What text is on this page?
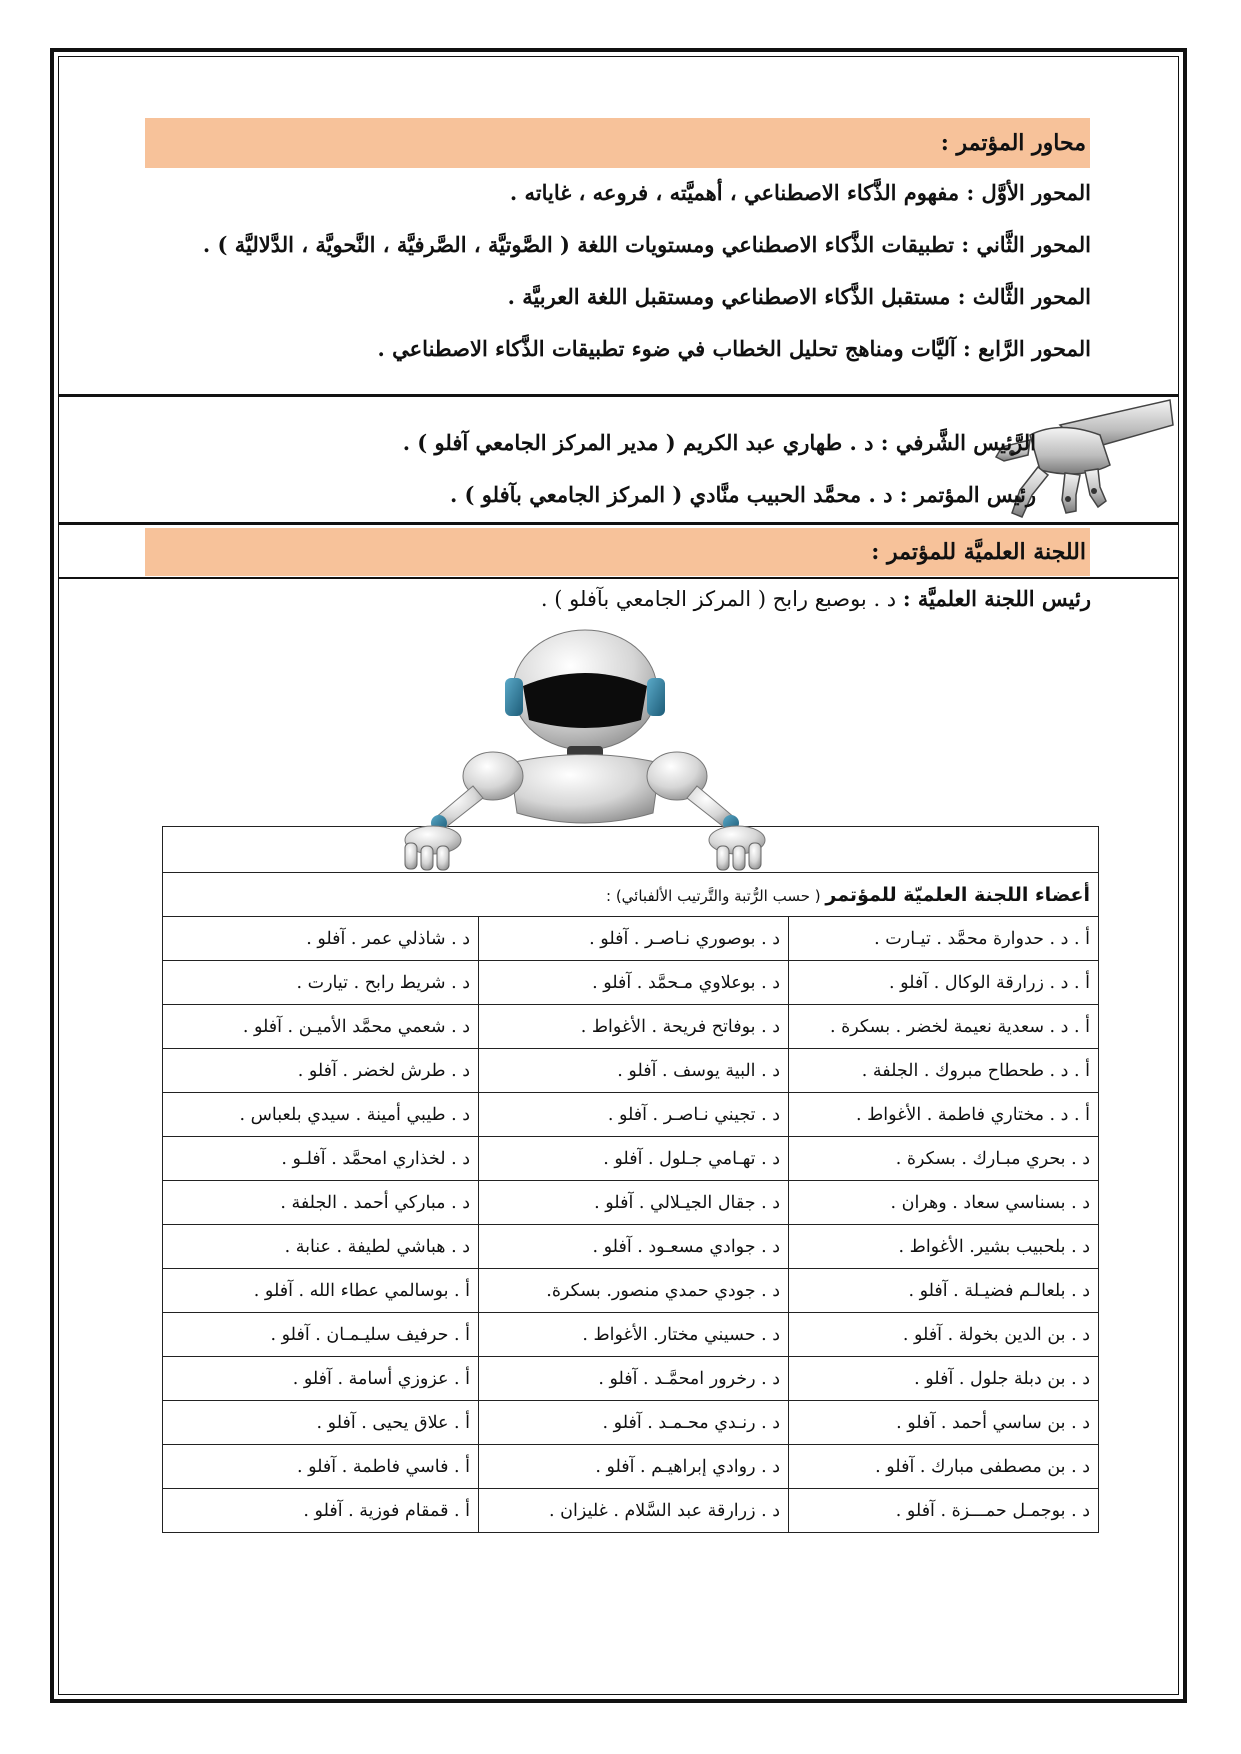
محاور المؤتمر :
المحور الأوَّل : مفهوم الذَّكاء الاصطناعي ، أهميَّته ، فروعه ، غاياته .
المحور الثَّاني : تطبيقات الذَّكاء الاصطناعي ومستويات اللغة ( الصَّوتيَّة ، الصَّرفيَّة ، النَّحويَّة ، الدَّلاليَّة ) .
المحور الثَّالث : مستقبل الذَّكاء الاصطناعي ومستقبل اللغة العربيَّة .
المحور الرَّابع : آليَّات ومناهج تحليل الخطاب في ضوء تطبيقات الذَّكاء الاصطناعي .
الرَّئيس الشَّرفي : د . طهاري عبد الكريم ( مدير المركز الجامعي آفلو ) .
رئيس المؤتمر : د . محمَّد الحبيب منَّادي ( المركز الجامعي بآفلو ) .
اللجنة العلميَّة للمؤتمر :
رئيس اللجنة العلميَّة : د . بوصبع رابح ( المركز الجامعي بآفلو ) .

أعضاء اللجنة العلميّة للمؤتمر ( حسب الرُّتبة والتَّرتيب الألفبائي) :		
أ . د . حدوارة محمَّد . تيـارت .	د . بوصوري نـاصـر . آفلو .	د . شاذلي عمر . آفلو .
أ . د . زرارقة الوكال . آفلو .	د . بوعلاوي مـحمَّد . آفلو .	د . شريط رابح . تيارت .
أ . د . سعدية نعيمة لخضر . بسكرة .	د . بوفاتح فريحة . الأغواط .	د . شعمي محمَّد الأميـن . آفلو .
أ . د . طحطاح مبروك . الجلفة .	د . البية يوسف . آفلو .	د . طرش لخضر . آفلو .
أ . د . مختاري فاطمة . الأغواط .	د . تجيني نـاصـر . آفلو .	د . طيبي أمينة . سيدي بلعباس .
د . بحري مبـارك . بسكرة .	د . تهـامي جـلول . آفلو .	د . لخذاري امحمَّد . آفلـو .
د . بسناسي سعاد . وهران .	د . جقال الجيـلالي . آفلو .	د . مباركي أحمد . الجلفة .
د . بلحبيب بشير. الأغواط .	د . جوادي مسعـود . آفلو .	د . هباشي لطيفة . عنابة .
د . بلعالـم فضيـلة . آفلو .	د . جودي حمدي منصور. بسكرة.	أ . بوسالمي عطاء الله . آفلو .
د . بن الدين بخولة . آفلو .	د . حسيني مختار. الأغواط .	أ . حرفيف سليـمـان . آفلو .
د . بن دبلة جلول . آفلو .	د . رخرور امحمَّـد . آفلو .	أ . عزوزي أسامة . آفلو .
د . بن ساسي أحمد . آفلو .	د . رنـدي محـمـد . آفلو .	أ . علاق يحيى . آفلو .
د . بن مصطفى مبارك . آفلو .	د . روادي إبراهيـم . آفلو .	أ . فاسي فاطمة . آفلو .
د . بوجمـل حمـــزة . آفلو .	د . زرارقة عبد السَّلام . غليزان .	أ . قمقام فوزية . آفلو .
